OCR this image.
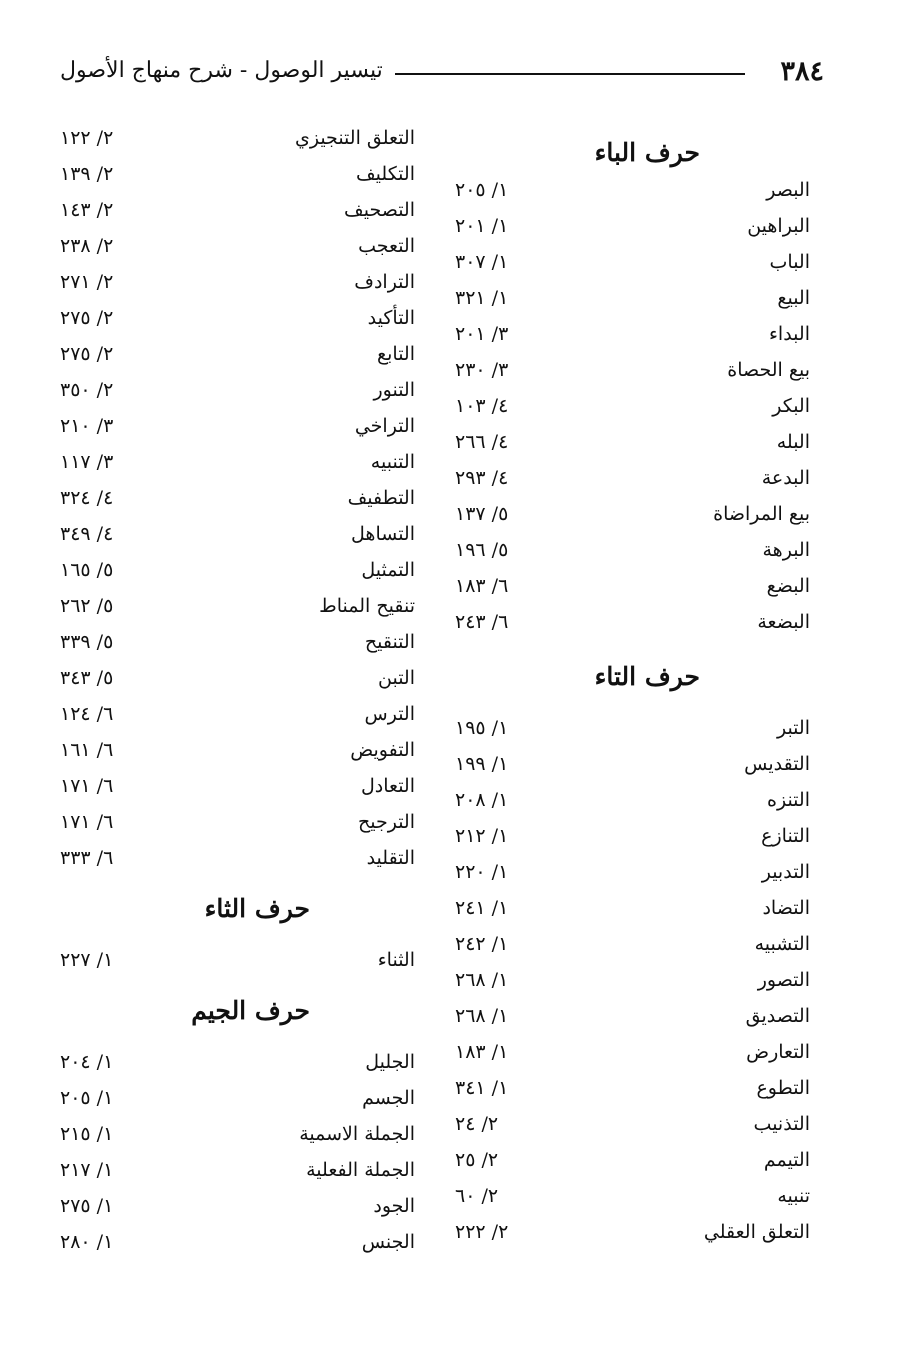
٣٨٤
تيسير الوصول - شرح منهاج الأصول
حرف الباء
البصر
١/ ٢٠٥
البراهين
١/ ٢٠١
الباب
١/ ٣٠٧
البيع
١/ ٣٢١
البداء
٣/ ٢٠١
بيع الحصاة
٣/ ٢٣٠
البكر
٤/ ١٠٣
البله
٤/ ٢٦٦
البدعة
٤/ ٢٩٣
بيع المراضاة
٥/ ١٣٧
البرهة
٥/ ١٩٦
البضع
٦/ ١٨٣
البضعة
٦/ ٢٤٣
حرف التاء
التبر
١/ ١٩٥
التقديس
١/ ١٩٩
التنزه
١/ ٢٠٨
التنازع
١/ ٢١٢
التدبير
١/ ٢٢٠
التضاد
١/ ٢٤١
التشبيه
١/ ٢٤٢
التصور
١/ ٢٦٨
التصديق
١/ ٢٦٨
التعارض
١/ ١٨٣
التطوع
١/ ٣٤١
التذنيب
٢/ ٢٤
التيمم
٢/ ٢٥
تنبيه
٢/ ٦٠
التعلق العقلي
٢/ ٢٢٢
التعلق التنجيزي
٢/ ١٢٢
التكليف
٢/ ١٣٩
التصحيف
٢/ ١٤٣
التعجب
٢/ ٢٣٨
الترادف
٢/ ٢٧١
التأكيد
٢/ ٢٧٥
التابع
٢/ ٢٧٥
التنور
٢/ ٣٥٠
التراخي
٣/ ٢١٠
التنبيه
٣/ ١١٧
التطفيف
٤/ ٣٢٤
التساهل
٤/ ٣٤٩
التمثيل
٥/ ١٦٥
تنقيح المناط
٥/ ٢٦٢
التنقيح
٥/ ٣٣٩
التبن
٥/ ٣٤٣
الترس
٦/ ١٢٤
التفويض
٦/ ١٦١
التعادل
٦/ ١٧١
الترجيح
٦/ ١٧١
التقليد
٦/ ٣٣٣
حرف الثاء
الثناء
١/ ٢٢٧
حرف الجيم
الجليل
١/ ٢٠٤
الجسم
١/ ٢٠٥
الجملة الاسمية
١/ ٢١٥
الجملة الفعلية
١/ ٢١٧
الجود
١/ ٢٧٥
الجنس
١/ ٢٨٠
